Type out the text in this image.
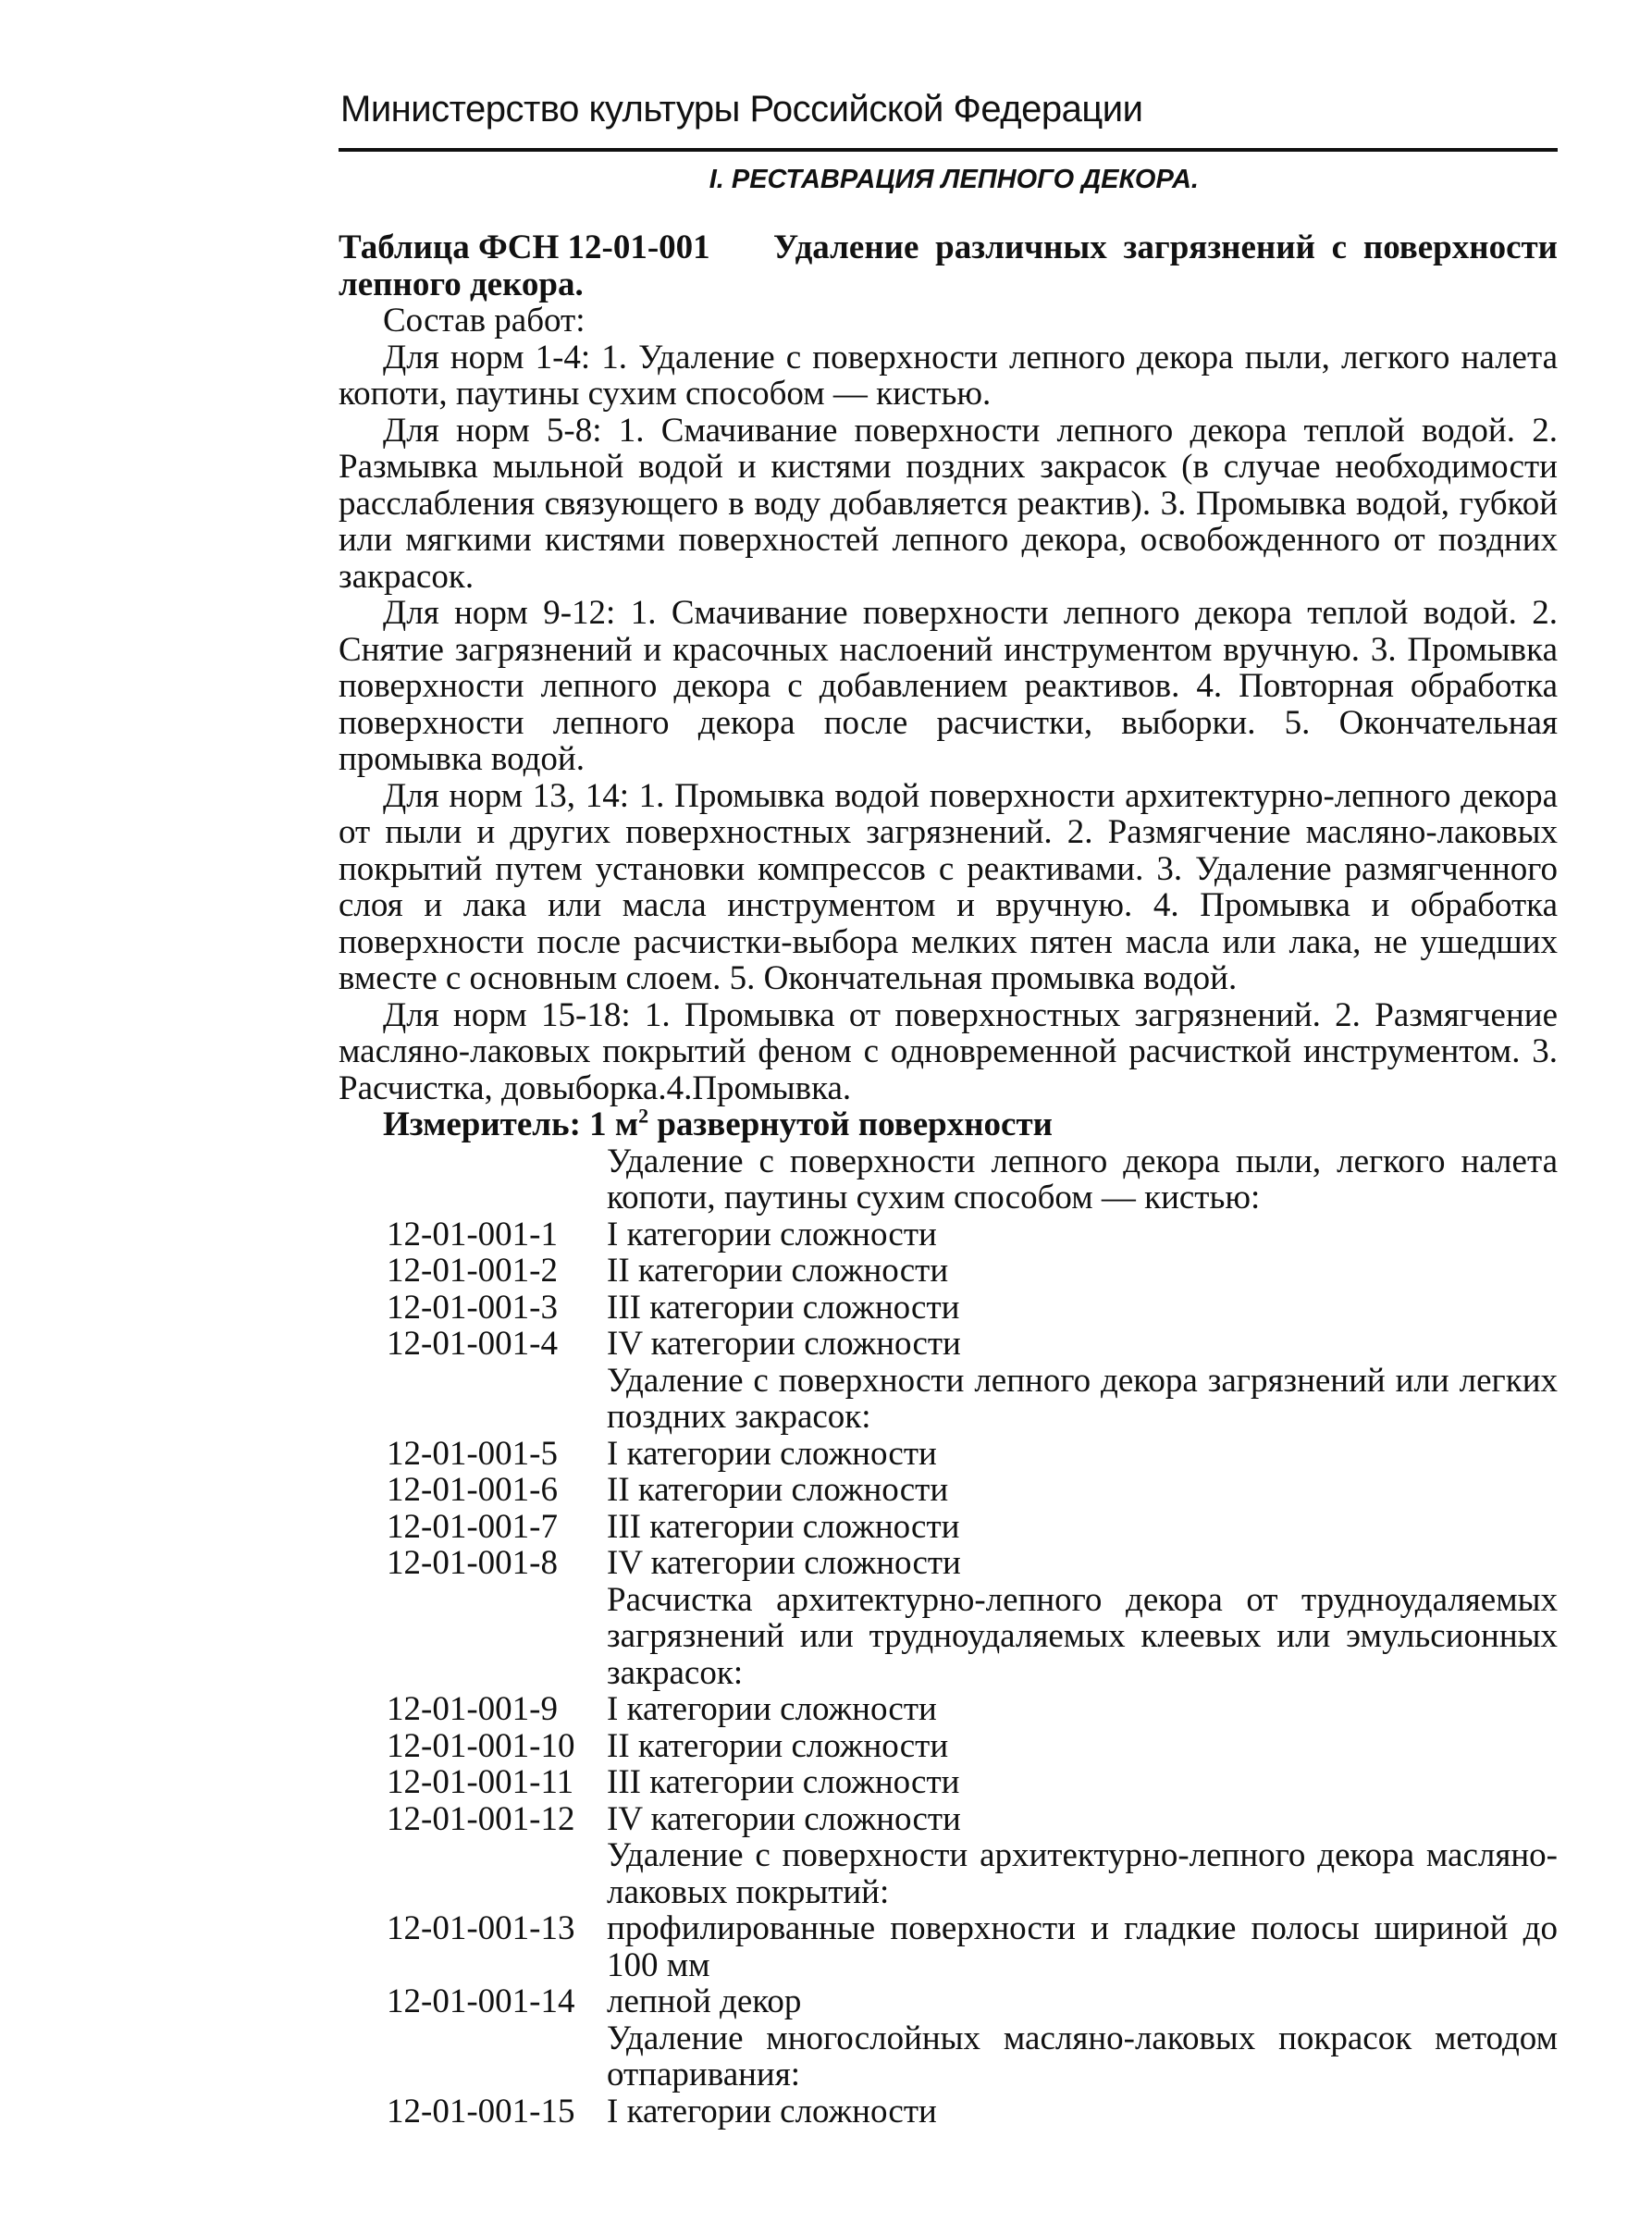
Министерство культуры Российской Федерации
I. РЕСТАВРАЦИЯ ЛЕПНОГО ДЕКОРА.

Таблица ФСН 12-01-001 Удаление различных загрязнений с поверхности лепного декора.

Состав работ:

Для норм 1-4: 1. Удаление с поверхности лепного декора пыли, легкого налета копоти, паутины сухим способом — кистью.

Для норм 5-8: 1. Смачивание поверхности лепного декора теплой водой. 2. Размывка мыльной водой и кистями поздних закрасок (в случае необходимости расслабления связующего в воду добавляется реактив). 3. Промывка водой, губкой или мягкими кистями поверхностей лепного декора, освобожденного от поздних закрасок.

Для норм 9-12: 1. Смачивание поверхности лепного декора теплой водой. 2. Снятие загрязнений и красочных наслоений инструментом вручную. 3. Промывка поверхности лепного декора с добавлением реактивов. 4. Повторная обработка поверхности лепного декора после расчистки, выборки. 5. Окончательная промывка водой.

Для норм 13, 14: 1. Промывка водой поверхности архитектурно-лепного декора от пыли и других поверхностных загрязнений. 2. Размягчение масляно-лаковых покрытий путем установки компрессов с реактивами. 3. Удаление размягченного слоя и лака или масла инструментом и вручную. 4. Промывка и обработка поверхности после расчистки-выбора мелких пятен масла или лака, не ушедших вместе с основным слоем. 5. Окончательная промывка водой.

Для норм 15-18: 1. Промывка от поверхностных загрязнений. 2. Размягчение масляно-лаковых покрытий феном с одновременной расчисткой инструментом. 3. Расчистка, довыборка.4.Промывка.

Измеритель: 1 $м^2$ развернутой поверхности

Удаление с поверхности лепного декора пыли, легкого налета копоти, паутины сухим способом — кистью:
12-01-001-1	I категории сложности
12-01-001-2	II категории сложности
12-01-001-3	III категории сложности
12-01-001-4	IV категории сложности
Удаление с поверхности лепного декора загрязнений или легких поздних закрасок:
12-01-001-5	I категории сложности
12-01-001-6	II категории сложности
12-01-001-7	III категории сложности
12-01-001-8	IV категории сложности
Расчистка архитектурно-лепного декора от трудноудаляемых загрязнений или трудноудаляемых клеевых или эмульсионных закрасок:
12-01-001-9	I категории сложности
12-01-001-10 II категории сложности
12-01-001-11 III категории сложности
12-01-001-12 IV категории сложности
Удаление с поверхности архитектурно-лепного декора масляно-лаковых покрытий:
12-01-001-13 профилированные поверхности и гладкие полосы шириной до 100 мм
12-01-001-14 лепной декор
Удаление многослойных масляно-лаковых покрасок методом отпаривания:
12-01-001-15 I категории сложности
